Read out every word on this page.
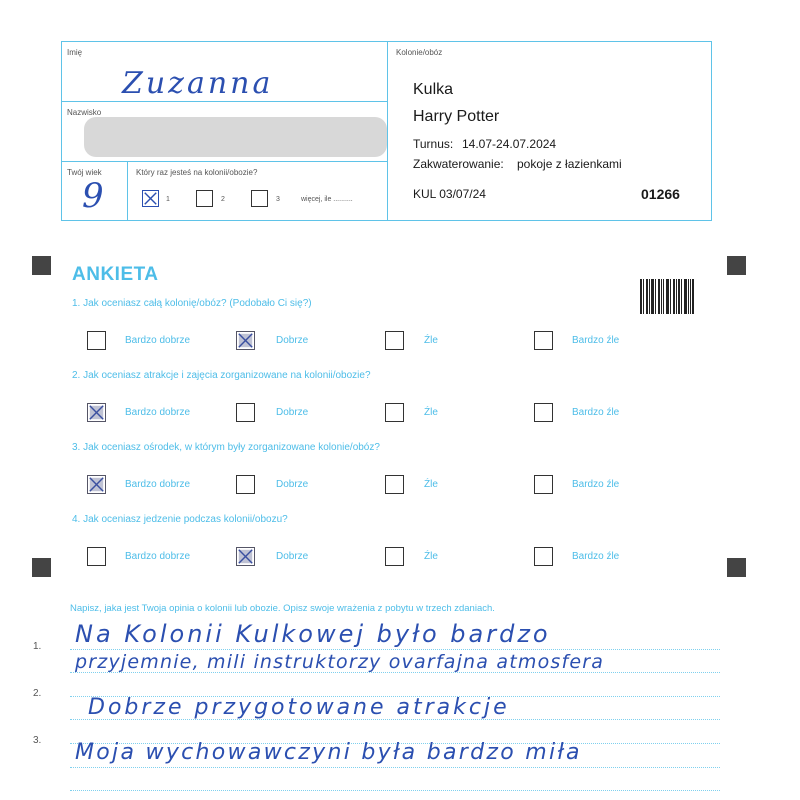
Imię
Zuzanna
Nazwisko
Twój wiek
9
Który raz jesteś na kolonii/obozie?
1	2	3	więcej, ile ..........
Kolonie/obóz
Kulka
Harry Potter
Turnus: 14.07-24.07.2024
Zakwaterowanie: pokoje z łazienkami
KUL 03/07/24	01266
ANKIETA
1. Jak oceniasz całą kolonię/obóz? (Podobało Ci się?)
Bardzo dobrze	Dobrze	Źle	Bardzo źle
2. Jak oceniasz atrakcje i zajęcia zorganizowane na kolonii/obozie?
Bardzo dobrze	Dobrze	Źle	Bardzo źle
3. Jak oceniasz ośrodek, w którym były zorganizowane kolonie/obóz?
Bardzo dobrze	Dobrze	Źle	Bardzo źle
4. Jak oceniasz jedzenie podczas kolonii/obozu?
Bardzo dobrze	Dobrze	Źle	Bardzo źle
Napisz, jaka jest Twoja opinia o kolonii lub obozie. Opisz swoje wrażenia z pobytu w trzech zdaniach.
1.
2.
3.
Na Kolonii Kulkowej było bardzo
przyjemnie, mili instruktorzy ovarfajna atmosfera
Dobrze przygotowane atrakcje
Moja wychowawczyni była bardzo miła
